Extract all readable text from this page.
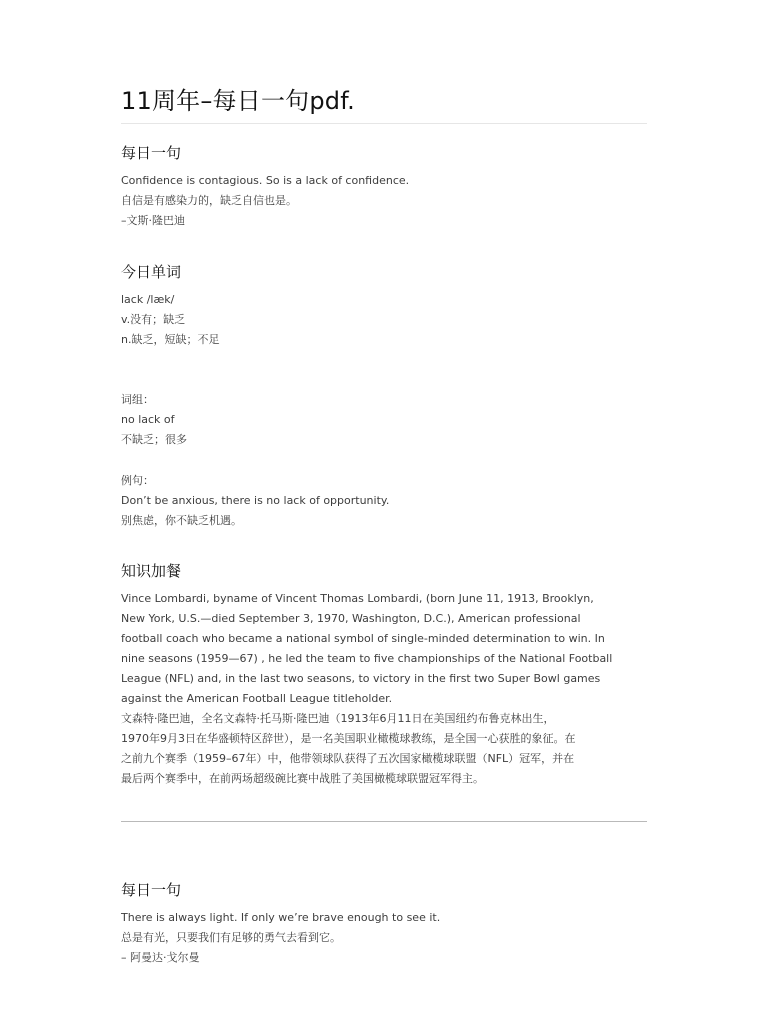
11周年–每日一句pdf.
每日一句
Confidence is contagious. So is a lack of confidence.
自信是有感染力的，缺乏自信也是。
–文斯·隆巴迪
今日单词
lack /læk/
v.没有；缺乏
n.缺乏，短缺；不足
词组：
no lack of
不缺乏；很多
例句：
Don’t be anxious, there is no lack of opportunity.
别焦虑，你不缺乏机遇。
知识加餐
Vince Lombardi, byname of Vincent Thomas Lombardi, (born June 11, 1913, Brooklyn,
New York, U.S.—died September 3, 1970, Washington, D.C.), American professional
football coach who became a national symbol of single-minded determination to win. In
nine seasons (1959—67) , he led the team to five championships of the National Football
League (NFL) and, in the last two seasons, to victory in the first two Super Bowl games
against the American Football League titleholder.
文森特·隆巴迪，全名文森特·托马斯·隆巴迪（1913年6月11日在美国纽约布鲁克林出生，
1970年9月3日在华盛顿特区辞世），是一名美国职业橄榄球教练，是全国一心获胜的象征。在
之前九个赛季（1959–67年）中，他带领球队获得了五次国家橄榄球联盟（NFL）冠军，并在
最后两个赛季中，在前两场超级碗比赛中战胜了美国橄榄球联盟冠军得主。
每日一句
There is always light. If only we’re brave enough to see it.
总是有光，只要我们有足够的勇气去看到它。
– 阿曼达·戈尔曼
